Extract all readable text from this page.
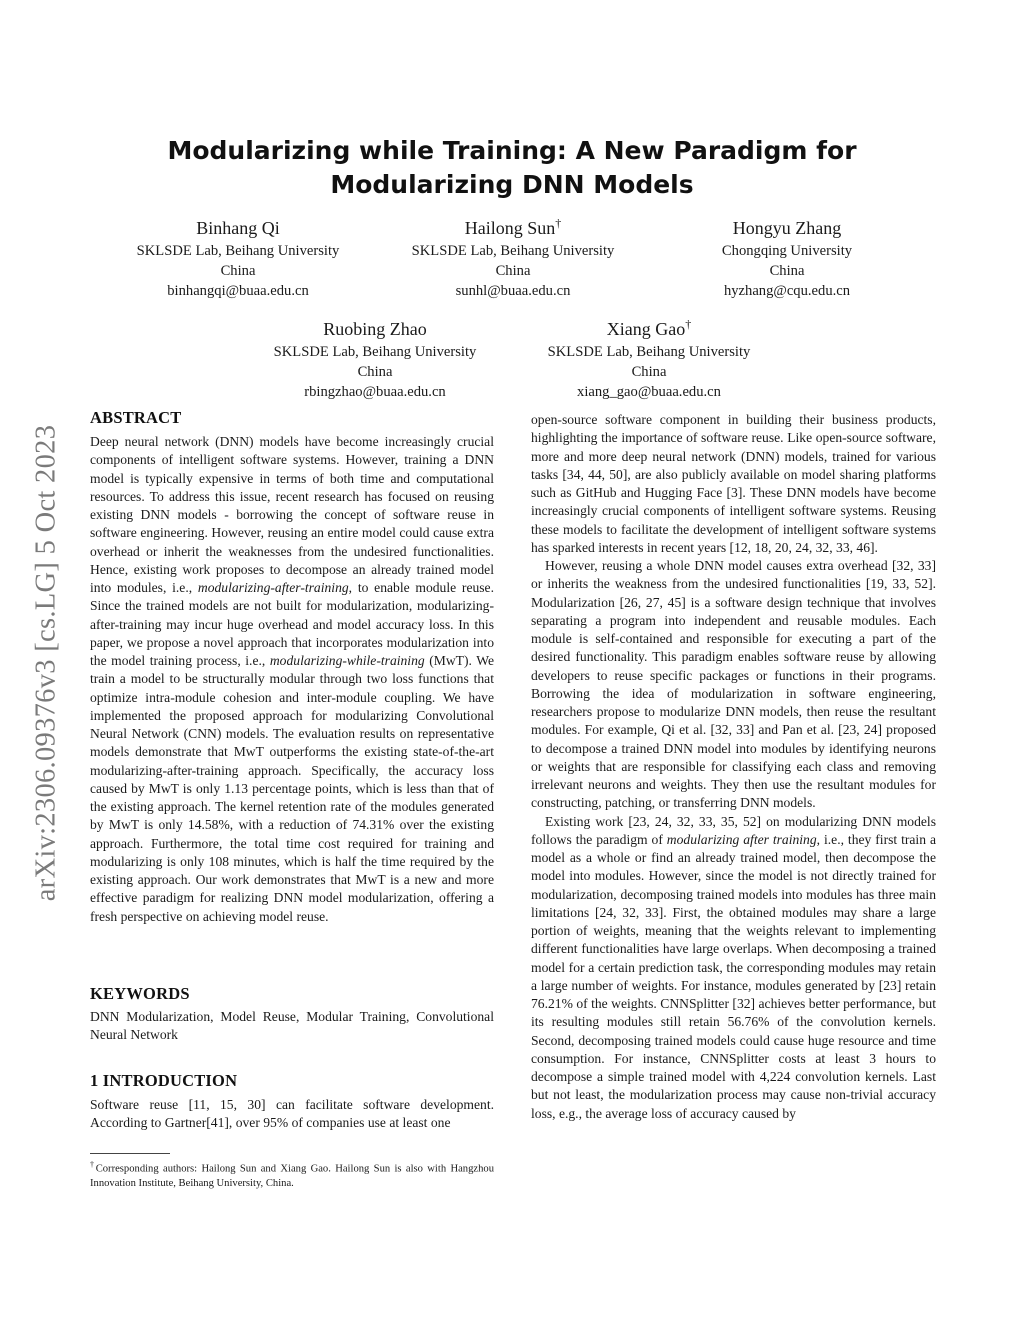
arXiv:2306.09376v3 [cs.LG] 5 Oct 2023
Modularizing while Training: A New Paradigm for Modularizing DNN Models
Binhang Qi
SKLSDE Lab, Beihang University
China
binhangqi@buaa.edu.cn
Hailong Sun†
SKLSDE Lab, Beihang University
China
sunhl@buaa.edu.cn
Hongyu Zhang
Chongqing University
China
hyzhang@cqu.edu.cn
Ruobing Zhao
SKLSDE Lab, Beihang University
China
rbingzhao@buaa.edu.cn
Xiang Gao†
SKLSDE Lab, Beihang University
China
xiang_gao@buaa.edu.cn
ABSTRACT
Deep neural network (DNN) models have become increasingly crucial components of intelligent software systems. However, training a DNN model is typically expensive in terms of both time and computational resources. To address this issue, recent research has focused on reusing existing DNN models - borrowing the concept of software reuse in software engineering. However, reusing an entire model could cause extra overhead or inherit the weaknesses from the undesired functionalities. Hence, existing work proposes to decompose an already trained model into modules, i.e., modularizing-after-training, to enable module reuse. Since the trained models are not built for modularization, modularizing-after-training may incur huge overhead and model accuracy loss. In this paper, we propose a novel approach that incorporates modularization into the model training process, i.e., modularizing-while-training (MwT). We train a model to be structurally modular through two loss functions that optimize intra-module cohesion and inter-module coupling. We have implemented the proposed approach for modularizing Convolutional Neural Network (CNN) models. The evaluation results on representative models demonstrate that MwT outperforms the existing state-of-the-art modularizing-after-training approach. Specifically, the accuracy loss caused by MwT is only 1.13 percentage points, which is less than that of the existing approach. The kernel retention rate of the modules generated by MwT is only 14.58%, with a reduction of 74.31% over the existing approach. Furthermore, the total time cost required for training and modularizing is only 108 minutes, which is half the time required by the existing approach. Our work demonstrates that MwT is a new and more effective paradigm for realizing DNN model modularization, offering a fresh perspective on achieving model reuse.
KEYWORDS
DNN Modularization, Model Reuse, Modular Training, Convolutional Neural Network
1 INTRODUCTION
Software reuse [11, 15, 30] can facilitate software development. According to Gartner[41], over 95% of companies use at least one
†Corresponding authors: Hailong Sun and Xiang Gao. Hailong Sun is also with Hangzhou Innovation Institute, Beihang University, China.

open-source software component in building their business products, highlighting the importance of software reuse. Like open-source software, more and more deep neural network (DNN) models, trained for various tasks [34, 44, 50], are also publicly available on model sharing platforms such as GitHub and Hugging Face [3]. These DNN models have become increasingly crucial components of intelligent software systems. Reusing these models to facilitate the development of intelligent software systems has sparked interests in recent years [12, 18, 20, 24, 32, 33, 46].

However, reusing a whole DNN model causes extra overhead [32, 33] or inherits the weakness from the undesired functionalities [19, 33, 52]. Modularization [26, 27, 45] is a software design technique that involves separating a program into independent and reusable modules. Each module is self-contained and responsible for executing a part of the desired functionality. This paradigm enables software reuse by allowing developers to reuse specific packages or functions in their programs. Borrowing the idea of modularization in software engineering, researchers propose to modularize DNN models, then reuse the resultant modules. For example, Qi et al. [32, 33] and Pan et al. [23, 24] proposed to decompose a trained DNN model into modules by identifying neurons or weights that are responsible for classifying each class and removing irrelevant neurons and weights. They then use the resultant modules for constructing, patching, or transferring DNN models.

Existing work [23, 24, 32, 33, 35, 52] on modularizing DNN models follows the paradigm of modularizing after training, i.e., they first train a model as a whole or find an already trained model, then decompose the model into modules. However, since the model is not directly trained for modularization, decomposing trained models into modules has three main limitations [24, 32, 33]. First, the obtained modules may share a large portion of weights, meaning that the weights relevant to implementing different functionalities have large overlaps. When decomposing a trained model for a certain prediction task, the corresponding modules may retain a large number of weights. For instance, modules generated by [23] retain 76.21% of the weights. CNNSplitter [32] achieves better performance, but its resulting modules still retain 56.76% of the convolution kernels. Second, decomposing trained models could cause huge resource and time consumption. For instance, CNNSplitter costs at least 3 hours to decompose a simple trained model with 4,224 convolution kernels. Last but not least, the modularization process may cause non-trivial accuracy loss, e.g., the average loss of accuracy caused by
